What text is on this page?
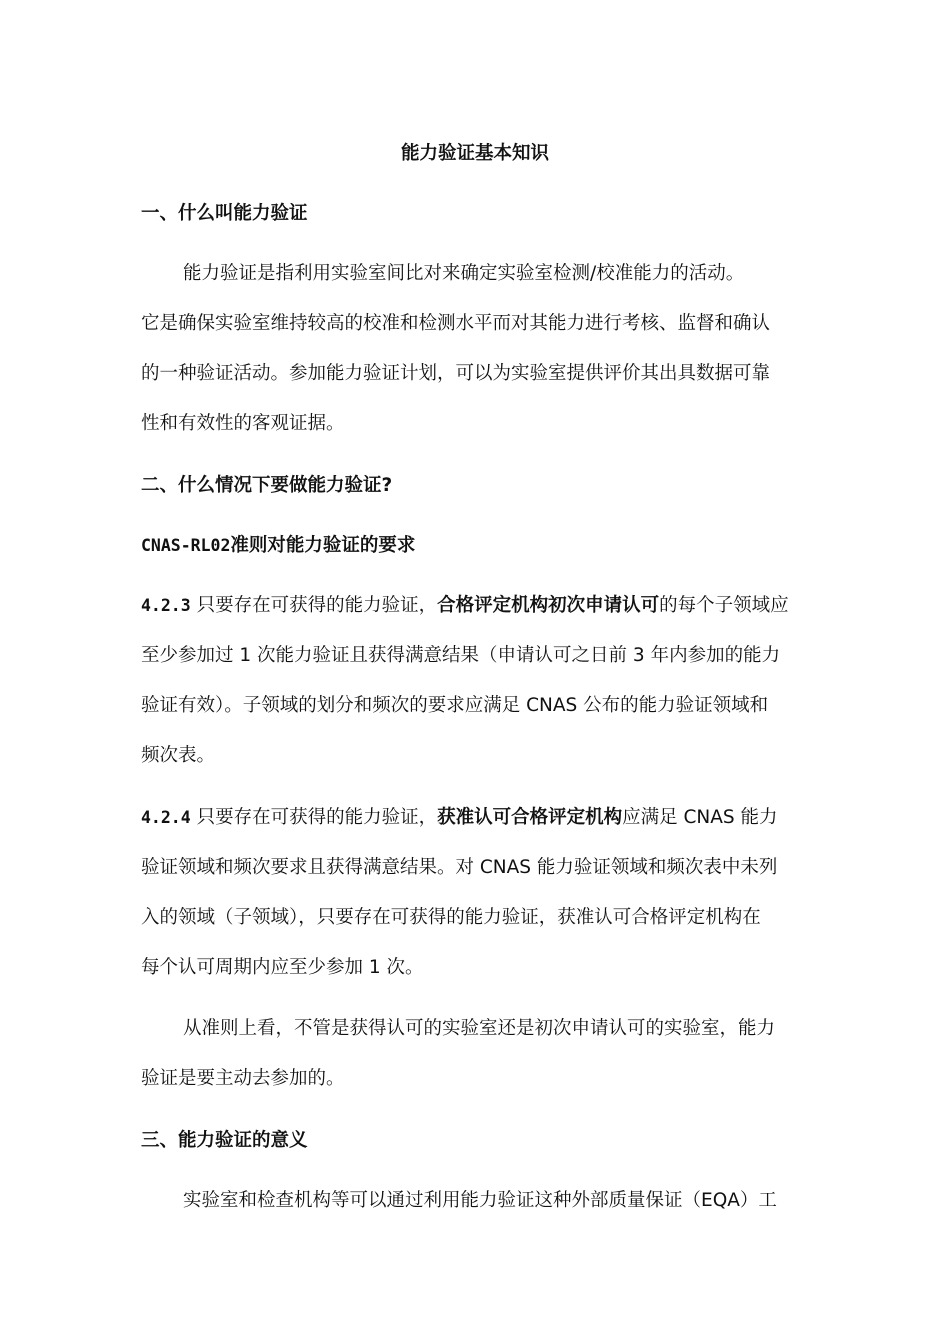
能力验证基本知识
一、什么叫能力验证
能力验证是指利用实验室间比对来确定实验室检测/校准能力的活动。
它是确保实验室维持较高的校准和检测水平而对其能力进行考核、监督和确认
的一种验证活动。参加能力验证计划，可以为实验室提供评价其出具数据可靠
性和有效性的客观证据。
二、什么情况下要做能力验证?
CNAS-RL02准则对能力验证的要求
4.2.3 只要存在可获得的能力验证，合格评定机构初次申请认可的每个子领域应
至少参加过 1 次能力验证且获得满意结果（申请认可之日前 3 年内参加的能力
验证有效）。子领域的划分和频次的要求应满足 CNAS 公布的能力验证领域和
频次表。
4.2.4 只要存在可获得的能力验证，获准认可合格评定机构应满足 CNAS 能力
验证领域和频次要求且获得满意结果。对 CNAS 能力验证领域和频次表中未列
入的领域（子领域），只要存在可获得的能力验证，获准认可合格评定机构在
每个认可周期内应至少参加 1 次。
从准则上看，不管是获得认可的实验室还是初次申请认可的实验室，能力
验证是要主动去参加的。
三、能力验证的意义
实验室和检查机构等可以通过利用能力验证这种外部质量保证（EQA）工
